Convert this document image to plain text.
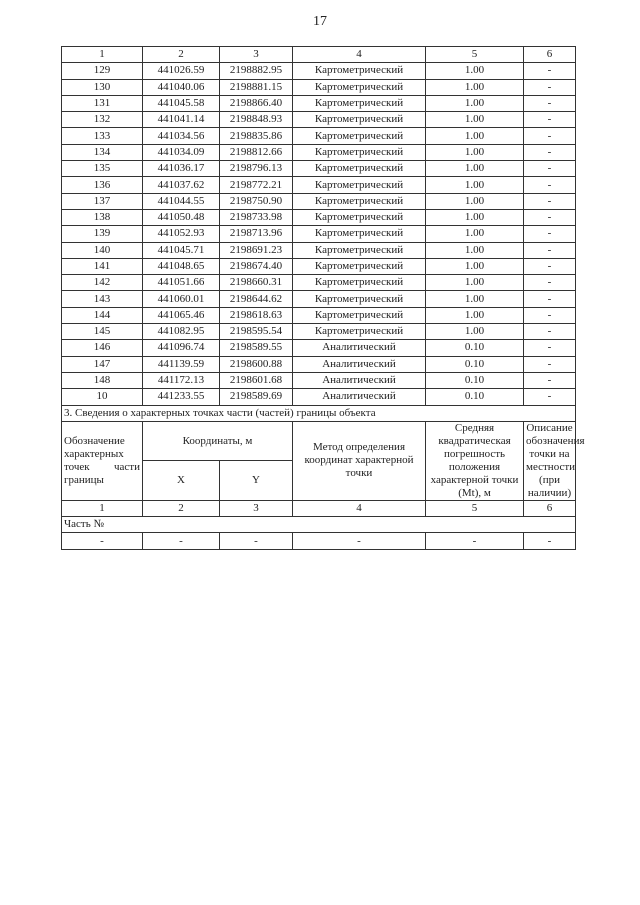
17
1	2	3	4	5	6
129	441026.59	2198882.95	Картометрический	1.00	-
130	441040.06	2198881.15	Картометрический	1.00	-
131	441045.58	2198866.40	Картометрический	1.00	-
132	441041.14	2198848.93	Картометрический	1.00	-
133	441034.56	2198835.86	Картометрический	1.00	-
134	441034.09	2198812.66	Картометрический	1.00	-
135	441036.17	2198796.13	Картометрический	1.00	-
136	441037.62	2198772.21	Картометрический	1.00	-
137	441044.55	2198750.90	Картометрический	1.00	-
138	441050.48	2198733.98	Картометрический	1.00	-
139	441052.93	2198713.96	Картометрический	1.00	-
140	441045.71	2198691.23	Картометрический	1.00	-
141	441048.65	2198674.40	Картометрический	1.00	-
142	441051.66	2198660.31	Картометрический	1.00	-
143	441060.01	2198644.62	Картометрический	1.00	-
144	441065.46	2198618.63	Картометрический	1.00	-
145	441082.95	2198595.54	Картометрический	1.00	-
146	441096.74	2198589.55	Аналитический	0.10	-
147	441139.59	2198600.88	Аналитический	0.10	-
148	441172.13	2198601.68	Аналитический	0.10	-
10	441233.55	2198589.69	Аналитический	0.10	-
3. Сведения о характерных точках части (частей) границы объекта					
Обозначение характерных точек части границы	Координаты, м		Метод определения координат характерной точки	Средняя квадратическая погрешность положения характерной точки (Mt), м	Описание обозначения точки на местности (при наличии)
	X	Y			
1	2	3	4	5	6
Часть №					
-	-	-	-	-	-
